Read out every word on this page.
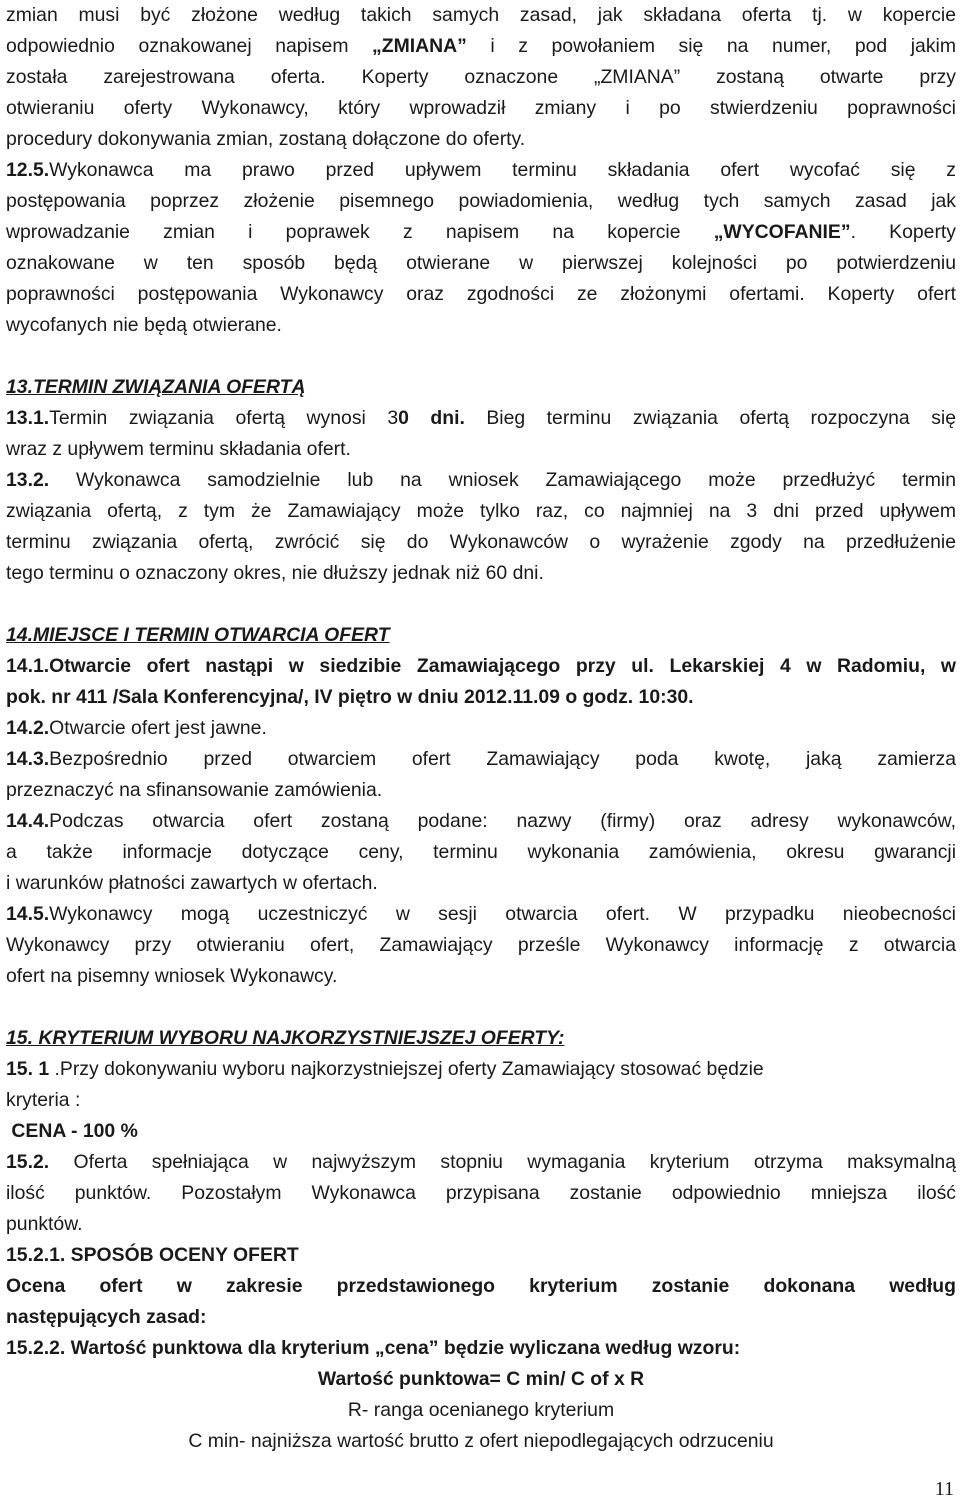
zmian musi być złożone według takich samych zasad, jak składana oferta tj. w kopercie
odpowiednio oznakowanej napisem „ZMIANA” i z powołaniem się na numer, pod jakim
została zarejestrowana oferta. Koperty oznaczone „ZMIANA” zostaną otwarte przy
otwieraniu oferty Wykonawcy, który wprowadził zmiany i po stwierdzeniu poprawności
procedury dokonywania zmian, zostaną dołączone do oferty.
12.5.Wykonawca ma prawo przed upływem terminu składania ofert wycofać się z
postępowania poprzez złożenie pisemnego powiadomienia, według tych samych zasad jak
wprowadzanie zmian i poprawek z napisem na kopercie „WYCOFANIE”. Koperty
oznakowane w ten sposób będą otwierane w pierwszej kolejności po potwierdzeniu
poprawności postępowania Wykonawcy oraz zgodności ze złożonymi ofertami. Koperty ofert
wycofanych nie będą otwierane.
13.TERMIN ZWIĄZANIA OFERTĄ
13.1.Termin związania ofertą wynosi 30 dni. Bieg terminu związania ofertą rozpoczyna się
wraz z upływem terminu składania ofert.
13.2. Wykonawca samodzielnie lub na wniosek Zamawiającego może przedłużyć termin
związania ofertą, z tym że Zamawiający może tylko raz, co najmniej na 3 dni przed upływem
terminu związania ofertą, zwrócić się do Wykonawców o wyrażenie zgody na przedłużenie
tego terminu o oznaczony okres, nie dłuższy jednak niż 60 dni.
14.MIEJSCE I TERMIN OTWARCIA OFERT
14.1.Otwarcie ofert nastąpi w siedzibie Zamawiającego przy ul. Lekarskiej 4 w Radomiu, w
pok. nr 411 /Sala Konferencyjna/, IV piętro w dniu 2012.11.09 o godz. 10:30.
14.2.Otwarcie ofert jest jawne.
14.3.Bezpośrednio przed otwarciem ofert Zamawiający poda kwotę, jaką zamierza
przeznaczyć na sfinansowanie zamówienia.
14.4.Podczas otwarcia ofert zostaną podane: nazwy (firmy) oraz adresy wykonawców,
a także informacje dotyczące ceny, terminu wykonania zamówienia, okresu gwarancji
i warunków płatności zawartych w ofertach.
14.5.Wykonawcy mogą uczestniczyć w sesji otwarcia ofert. W przypadku nieobecności
Wykonawcy przy otwieraniu ofert, Zamawiający prześle Wykonawcy informację z otwarcia
ofert na pisemny wniosek Wykonawcy.
15. KRYTERIUM WYBORU NAJKORZYSTNIEJSZEJ OFERTY:
15. 1 .Przy dokonywaniu wyboru najkorzystniejszej oferty Zamawiający stosować będzie
kryteria :
CENA - 100 %
15.2. Oferta spełniająca w najwyższym stopniu wymagania kryterium otrzyma maksymalną
ilość punktów. Pozostałym Wykonawca przypisana zostanie odpowiednio mniejsza ilość
punktów.
15.2.1. SPOSÓB OCENY OFERT
Ocena ofert w zakresie przedstawionego kryterium zostanie dokonana według
następujących zasad:
15.2.2. Wartość punktowa dla kryterium „cena” będzie wyliczana według wzoru:
Wartość punktowa= C min/ C of x R
R- ranga ocenianego kryterium
C min- najniższa wartość brutto z ofert niepodlegających odrzuceniu
11
